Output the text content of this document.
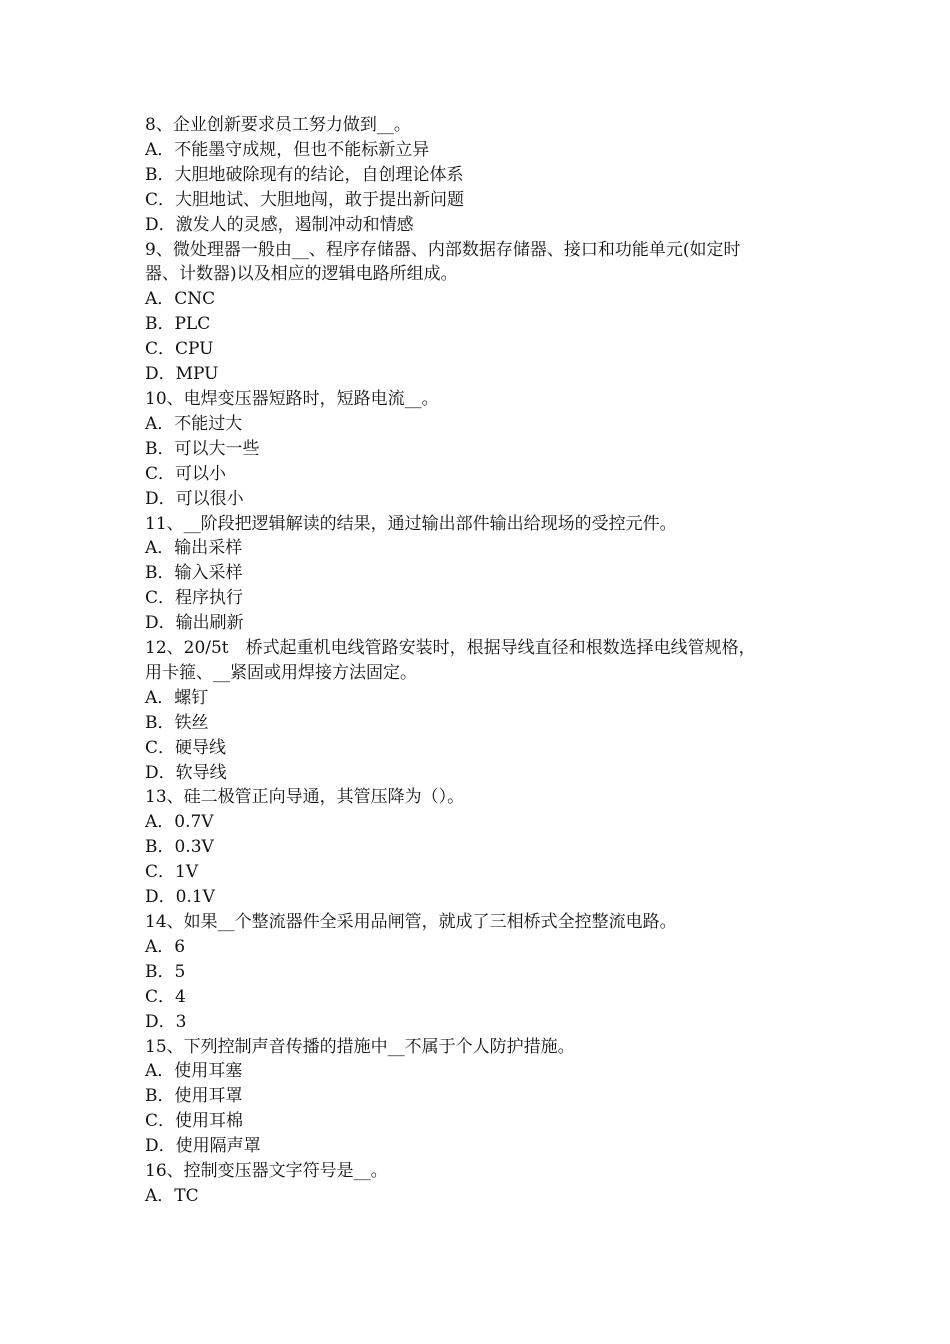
8、企业创新要求员工努力做到__。
A．不能墨守成规，但也不能标新立异
B．大胆地破除现有的结论，自创理论体系
C．大胆地试、大胆地闯，敢于提出新问题
D．激发人的灵感，遏制冲动和情感
9、微处理器一般由__、程序存储器、内部数据存储器、接口和功能单元(如定时
器、计数器)以及相应的逻辑电路所组成。
A．CNC
B．PLC
C．CPU
D．MPU
10、电焊变压器短路时，短路电流__。
A．不能过大
B．可以大一些
C．可以小
D．可以很小
11、__阶段把逻辑解读的结果，通过输出部件输出给现场的受控元件。
A．输出采样
B．输入采样
C．程序执行
D．输出刷新
12、20/5t　桥式起重机电线管路安装时，根据导线直径和根数选择电线管规格，
用卡箍、__紧固或用焊接方法固定。
A．螺钉
B．铁丝
C．硬导线
D．软导线
13、硅二极管正向导通，其管压降为（）。
A．0.7V
B．0.3V
C．1V
D．0.1V
14、如果__个整流器件全采用品闸管，就成了三相桥式全控整流电路。
A．6
B．5
C．4
D．3
15、下列控制声音传播的措施中__不属于个人防护措施。
A．使用耳塞
B．使用耳罩
C．使用耳棉
D．使用隔声罩
16、控制变压器文字符号是__。
A．TC
